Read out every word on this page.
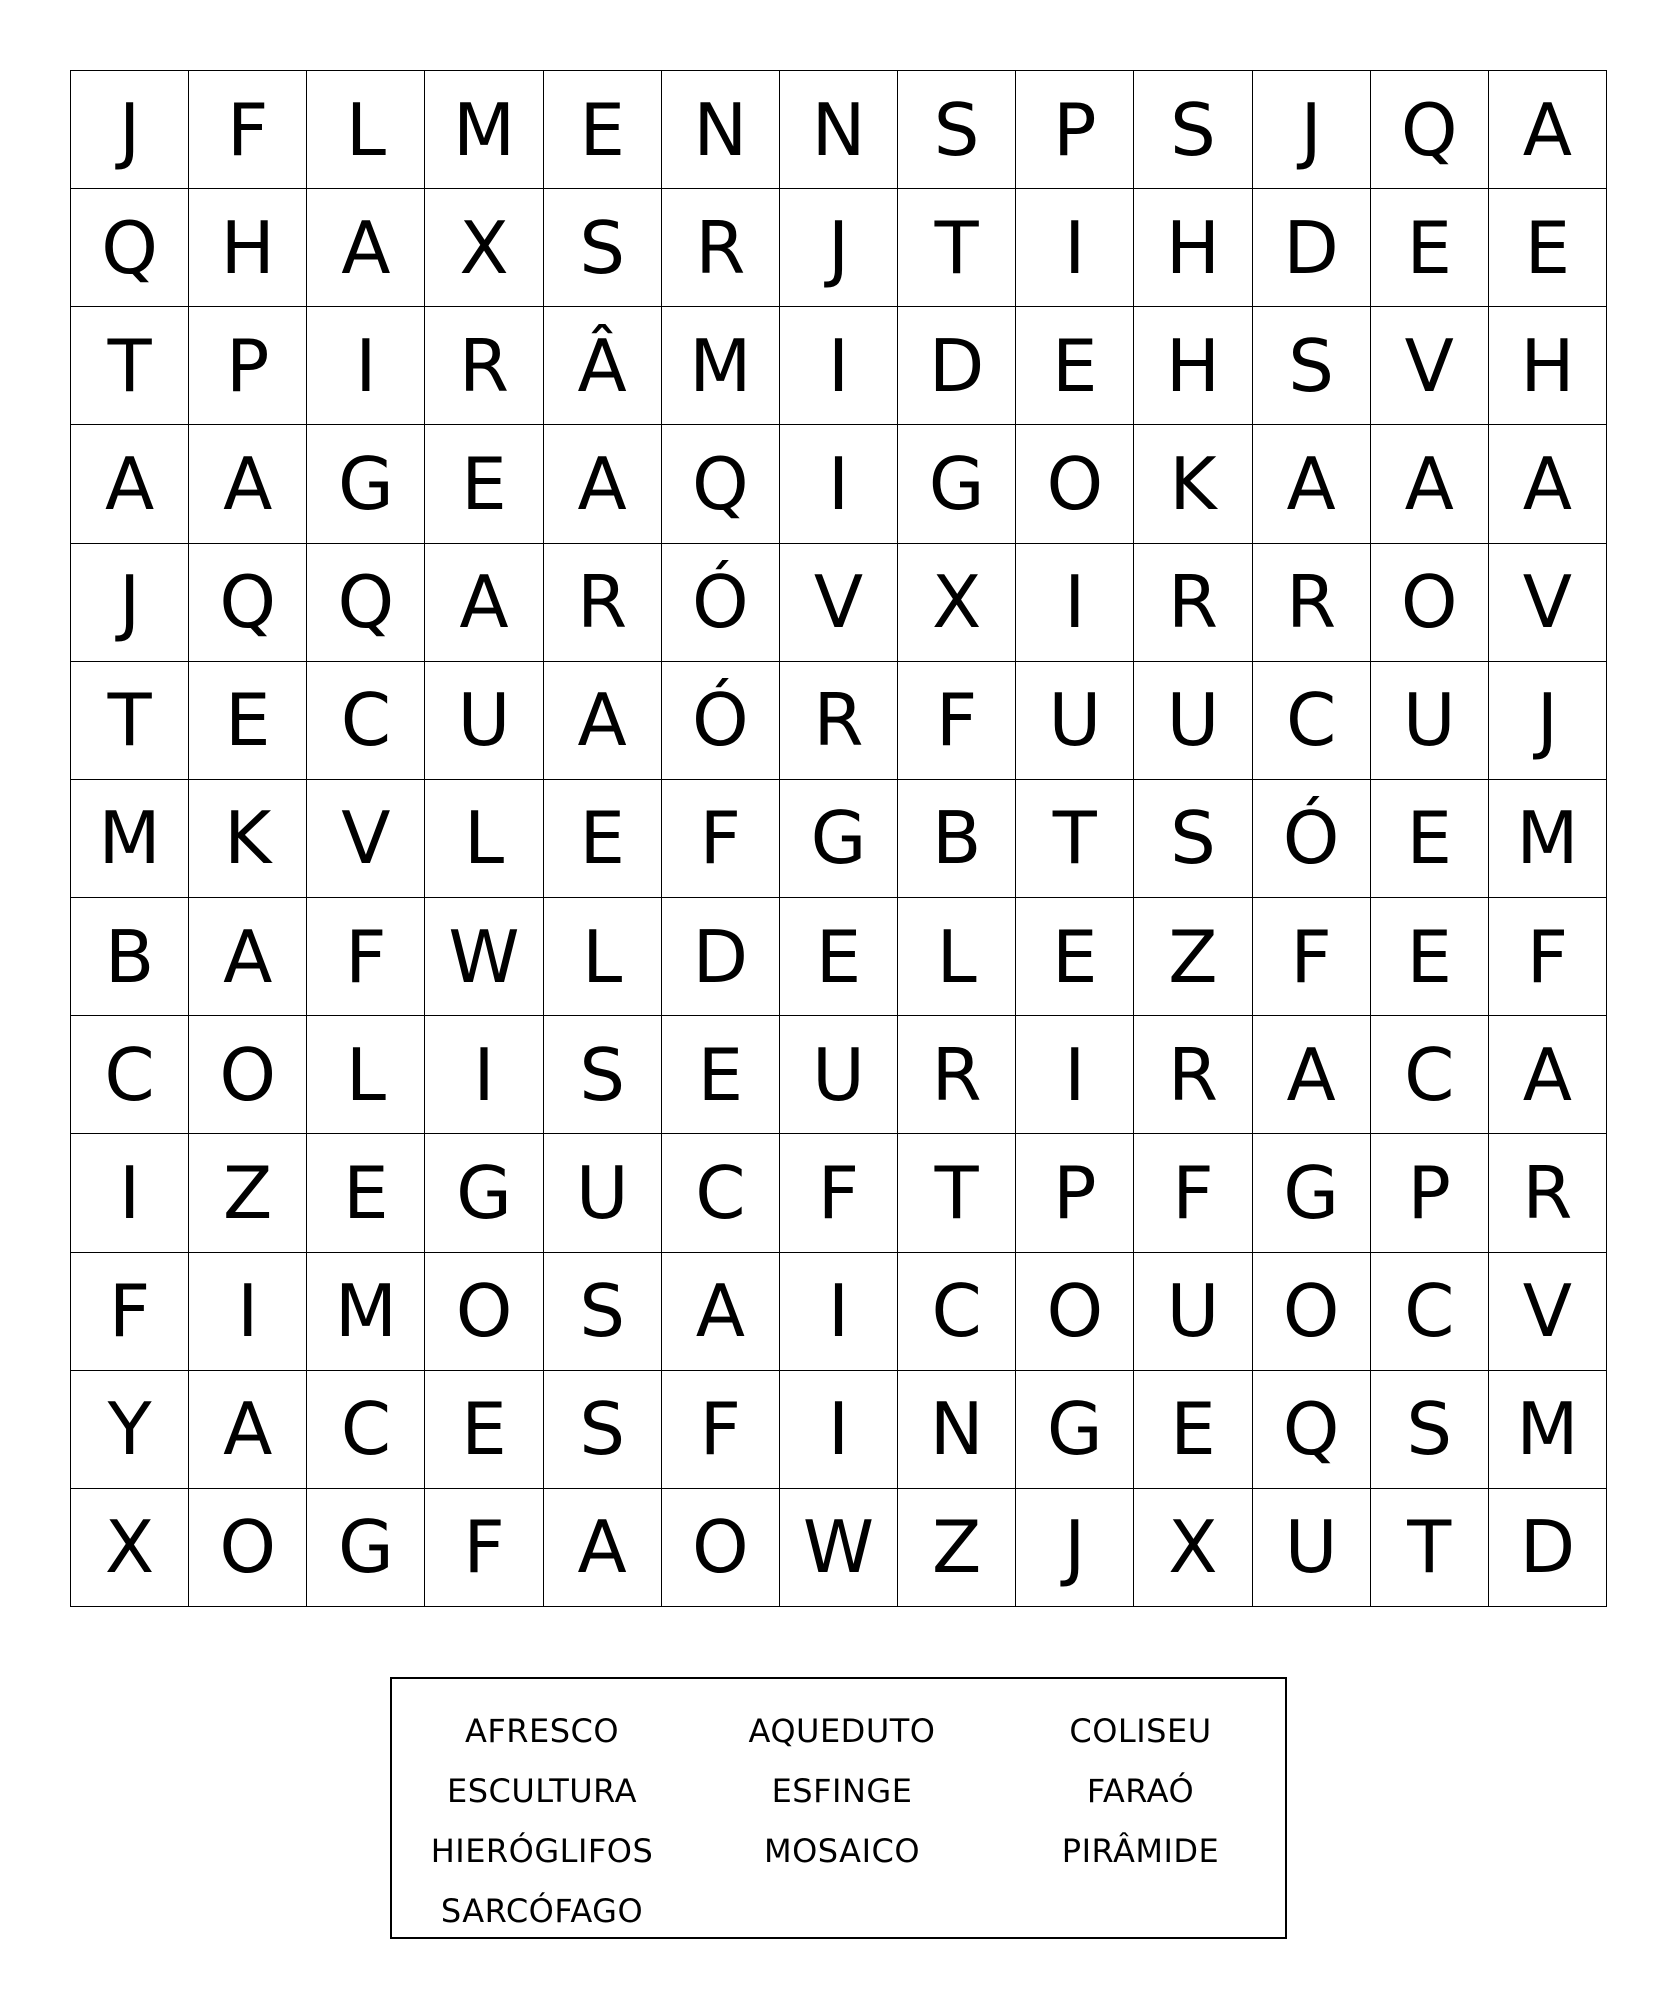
J	F	L M E N N S	P	S	J	Q A
Q H A X S R	J	T	I	H D E	E
T	P	I	R Â M	I	D E H S V H
A A G E A Q	I	G O K A A A
J	Q Q A R Ó V X	I	R R O V
T	E C U A Ó R	F U U C U	J
M K V	L	E	F G B T	S Ó E M
B A	F W L D E	L	E Z	F	E	F
C O L	I	S	E U R	I	R A C A
I	Z E G U C	F	T	P	F G P R
F	I	M O S A	I	C O U O C V
Y A C E	S	F	I	N G E Q S M
X O G F	A O W Z	J	X U T D
AFRESCO	AQUEDUTO	COLISEU
ESCULTURA	ESFINGE	FARAÓ
HIERÓGLIFOS	MOSAICO	PIRÂMIDE
SARCÓFAGO
